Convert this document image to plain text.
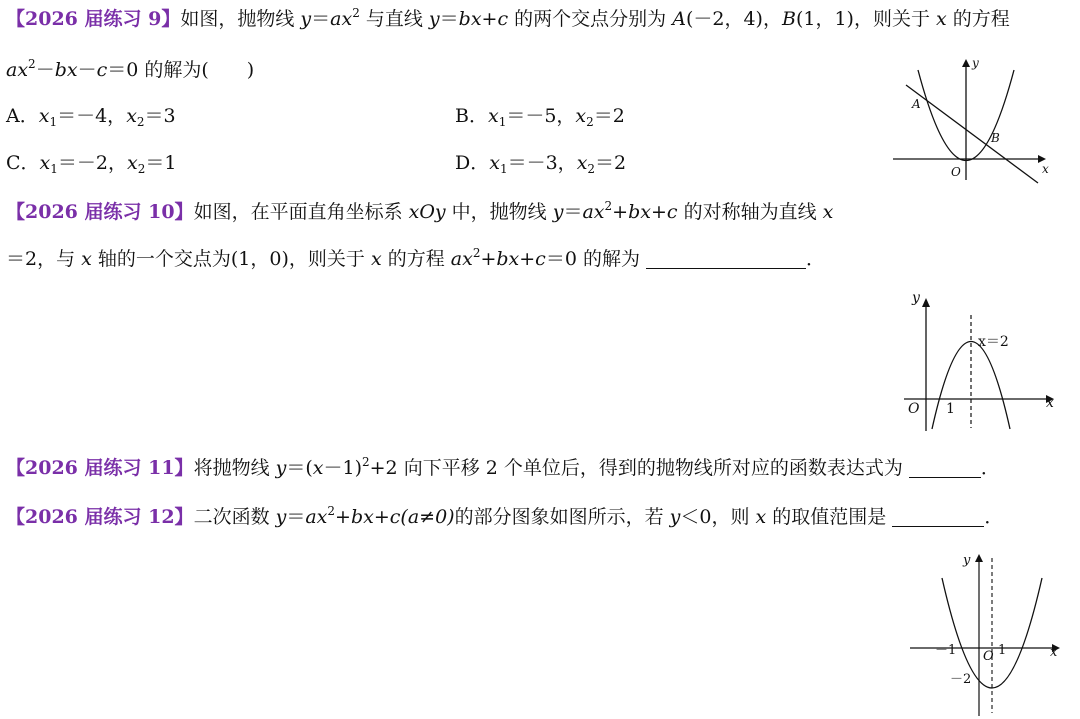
【2026 届练习 9】如图，抛物线 $y=ax^2$ 与直线 y＝bx+c 的两个交点分别为 A(－2，4)，B(1，1)，则关于 x 的方程
$ax^2-bx-c=0$ 的解为(　　)
A．$x_1=-4$，$x_2=3$	B．$x_1=-5$，$x_2=2$
C．$x_1=-2$，$x_2=1$	D．$x_1=-3$，$x_2=2$
y
x
O
A
B
【2026 届练习 10】如图，在平面直角坐标系 xOy 中，抛物线 $y=ax^2+bx+c$ 的对称轴为直线 x
＝2，与 x 轴的一个交点为(1，0)，则关于 x 的方程 $ax^2+bx+c=0$ 的解为	．
y
x
O 1
x＝2
【2026 届练习 11】将抛物线 $y=(x-1)^2+2$ 向下平移 2 个单位后，得到的抛物线所对应的函数表达式为	．
【2026 届练习 12】二次函数 $y=ax^2+bx+c(a\ne 0)$的部分图象如图所示，若 y＜0，则 x 的取值范围是	．
y
x
O
－1	1
－2
